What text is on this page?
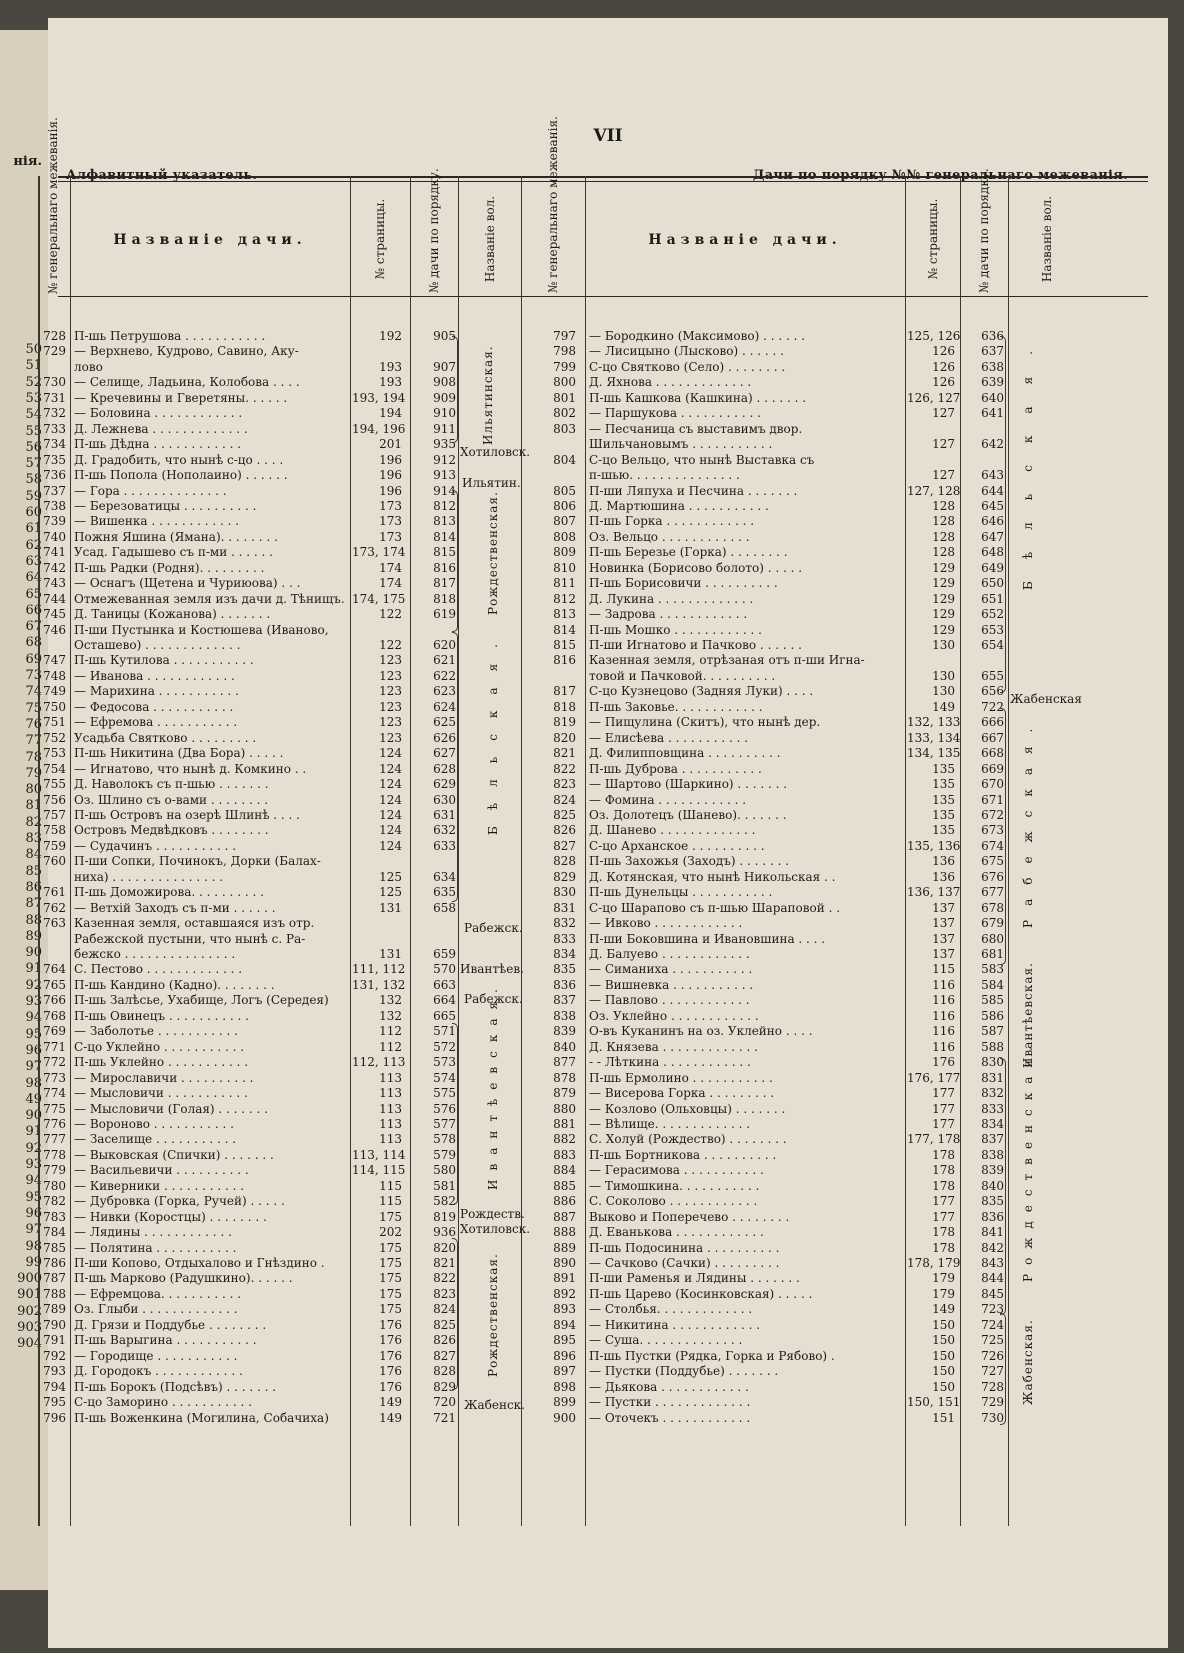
нія.
50
51
52
53
54
55
56
57
58
59
60
61
62
63
64
65
66
67
68
69
73
74
75
76
77
78
79
80
81
82
83
84
85
86
87
88
89
90
91
92
93
94
95
96
97
98
49
90
91
92
93
94
95
96
97
98
99
900
901
902
903
904
VII
Алфавитный указатель.	Дачи по порядку №№ генеральнаго межеванія.
№ генеральнаго межеванія.	Названіе дачи.	№ страницы.	№ дачи по порядку.	Названіе вол.	№ генеральнаго межеванія.	Названіе дачи.	№ страницы.	№ дачи по порядку.	Нaзваніе вол.
728 П-шь Петрушова . . . . . . . . . . .	192	905
729 — Верхнево, Кудрово, Савино, Аку-
лово	193	907
730 — Селище, Ладьина, Колобова . . . .	193	908
731 — Кречевины и Гверетяны. . . . . .	193, 194	909
732 — Боловина . . . . . . . . . . . .	194	910
733 Д. Лежнева . . . . . . . . . . . . .	194, 196	911
734 П-шь Дѣдна . . . . . . . . . . . .	201	935
735 Д. Градобить, что нынѣ с-цо . . . .	196	912
736 П-шь Попола (Нополаино) . . . . . .	196	913
737 — Гора . . . . . . . . . . . . . .	196	914
738 — Березоватицы . . . . . . . . . .	173	812
739 — Вишенка . . . . . . . . . . . .	173	813
740 Пожня Яшина (Ямана). . . . . . . .	173	814
741 Усад. Гадышево съ п-ми . . . . . .	173, 174	815
742 П-шь Радки (Родня). . . . . . . . .	174	816
743 — Оснагъ (Щетена и Чуриюова) . . .	174	817
744 Отмежеванная земля изъ дачи д. Тѣнищъ. 174, 175	818
745 Д. Таницы (Кожанова) . . . . . . .	122	619
746 П-ши Пустынка и Костюшева (Иваново,
Осташево) . . . . . . . . . . . . .	122	620
747 П-шь Кутилова . . . . . . . . . . .	123	621
748 — Иванова . . . . . . . . . . . .	123	622
749 — Марихина . . . . . . . . . . .	123	623
750 — Федосова . . . . . . . . . . .	123	624
751 — Ефремова . . . . . . . . . . .	123	625
752 Усадьба Святково . . . . . . . . .	123	626
753 П-шь Никитина (Два Бора) . . . . .	124	627
754 — Игнатово, что нынѣ д. Комкино . .	124	628
755 Д. Наволокъ съ п-шью . . . . . . .	124	629
756 Оз. Шлино съ о-вами . . . . . . . .	124	630
757 П-шь Островъ на озерѣ Шлинѣ . . . .	124	631
758 Островъ Медвѣдковъ . . . . . . . .	124	632
759 — Судачинъ . . . . . . . . . . .	124	633
760 П-ши Сопки, Починокъ, Дорки (Балах-
ниха) . . . . . . . . . . . . . . .	125	634
761 П-шь Доможирова. . . . . . . . . .	125	635
762 — Ветхій Заходъ съ п-ми . . . . . .	131	658
763 Казенная земля, оставшаяся изъ отр.
Рабежской пустыни, что нынѣ с. Ра-
бежско . . . . . . . . . . . . . . .	131	659
764 С. Пестово . . . . . . . . . . . . .	111, 112	570
765 П-шь Кандино (Кадно). . . . . . . .	131, 132	663
766 П-шь Залѣсье, Ухабище, Логъ (Середея)	132	664
768 П-шь Овинецъ . . . . . . . . . . .	132	665
769 — Заболотье . . . . . . . . . . .	112	571
771 С-цо Уклейно . . . . . . . . . . .	112	572
772 П-шь Уклейно . . . . . . . . . . .	112, 113	573
773 — Мирославичи . . . . . . . . . .	113	574
774 — Мысловичи . . . . . . . . . . .	113	575
775 — Мысловичи (Голая) . . . . . . .	113	576
776 — Вороново . . . . . . . . . . .	113	577
777 — Заселище . . . . . . . . . . .	113	578
778 — Выковская (Спички) . . . . . . .	113, 114	579
779 — Васильевичи . . . . . . . . . .	114, 115	580
780 — Киверники . . . . . . . . . . .	115	581
782 — Дубровка (Горка, Ручей) . . . . .	115	582
783 — Нивки (Коростцы) . . . . . . . .	175	819
784 — Лядины . . . . . . . . . . . .	202	936
785 — Полятина . . . . . . . . . . .	175	820
786 П-ши Копово, Отдыхалово и Гнѣздино .	175	821
787 П-шь Марково (Радушкино). . . . . .	175	822
788 — Ефремцова. . . . . . . . . . .	175	823
789 Оз. Глыби . . . . . . . . . . . . .	175	824
790 Д. Грязи и Поддубье . . . . . . . .	176	825
791 П-шь Варыгина . . . . . . . . . . .	176	826
792 — Городище . . . . . . . . . . .	176	827
793 Д. Городокъ . . . . . . . . . . . .	176	828
794 П-шь Борокъ (Подсѣвъ) . . . . . . .	176	829
795 С-цо Заморино . . . . . . . . . . .	149	720
796 П-шь Воженкина (Могилина, Собачиха)	149	721
797 — Бородкино (Максимово) . . . . . .	125, 126	636
798 — Лисицыно (Лысково) . . . . . .	126	637
799 С-цо Святково (Село) . . . . . . . .	126	638
800 Д. Яхнова . . . . . . . . . . . . .	126	639
801 П-шь Кашкова (Кашкина) . . . . . . .	126, 127	640
802 — Паршукова . . . . . . . . . . .	127	641
803 — Песчаница съ выставимъ двор.
Шильчановымъ . . . . . . . . . . .	127	642
804 С-цо Вельцо, что нынѣ Выставка съ
п-шью. . . . . . . . . . . . . . .	127	643
805 П-ши Ляпуха и Песчина . . . . . . .	127, 128	644
806 Д. Мартюшина . . . . . . . . . . .	128	645
807 П-шь Горка . . . . . . . . . . . .	128	646
808 Оз. Вельцо . . . . . . . . . . . .	128	647
809 П-шь Березье (Горка) . . . . . . . .	128	648
810 Новинка (Борисово болото) . . . . .	129	649
811 П-шь Борисовичи . . . . . . . . . .	129	650
812 Д. Лукина . . . . . . . . . . . . .	129	651
813 — Задрова . . . . . . . . . . . .	129	652
814 П-шь Мошко . . . . . . . . . . . .	129	653
815 П-ши Игнатово и Пачково . . . . . .	130	654
816 Казенная земля, отрѣзаная отъ п-ши Игна-
товой и Пачковой. . . . . . . . . .	130	655
817 С-цо Кузнецово (Задняя Луки) . . . .	130	656
818 П-шь Заковье. . . . . . . . . . . .	149	722
819 — Пищулина (Скитъ), что нынѣ дер.	132, 133	666
820 — Елисѣева . . . . . . . . . . .	133, 134	667
821 Д. Филипповщина . . . . . . . . . .	134, 135	668
822 П-шь Дуброва . . . . . . . . . . .	135	669
823 — Шартово (Шаркино) . . . . . . .	135	670
824 — Фомина . . . . . . . . . . . .	135	671
825 Оз. Долотецъ (Шанево). . . . . . .	135	672
826 Д. Шанево . . . . . . . . . . . . .	135	673
827 С-цо Арханское . . . . . . . . . .	135, 136	674
828 П-шь Захожья (Заходъ) . . . . . . .	136	675
829 Д. Котянская, что нынѣ Никольская . .	136	676
830 П-шь Дунельцы . . . . . . . . . . .	136, 137	677
831 С-цо Шарапово съ п-шью Шараповой . .	137	678
832 — Ивково . . . . . . . . . . . .	137	679
833 П-ши Боковшина и Ивановшина . . . .	137	680
834 Д. Балуево . . . . . . . . . . . .	137	681
835 — Симаниха . . . . . . . . . . .	115	583
836 — Вишневка . . . . . . . . . . .	116	584
837 — Павлово . . . . . . . . . . . .	116	585
838 Оз. Уклейно . . . . . . . . . . . .	116	586
839 О-въ Куканинъ на оз. Уклейно . . . .	116	587
840 Д. Князева . . . . . . . . . . . . .	116	588
877 - - Лѣткина . . . . . . . . . . . .	176	830
878 П-шь Ермолино . . . . . . . . . . .	176, 177	831
879 — Висерова Горка . . . . . . . . .	177	832
880 — Козлово (Ольховцы) . . . . . . .	177	833
881 — Вѣлище. . . . . . . . . . . . .	177	834
882 С. Холуй (Рождество) . . . . . . . .	177, 178	837
883 П-шь Бортникова . . . . . . . . . .	178	838
884 — Герасимова . . . . . . . . . . .	178	839
885 — Тимошкина. . . . . . . . . . .	178	840
886 С. Соколово . . . . . . . . . . . .	177	835
887 Выково и Поперечево . . . . . . . .	177	836
888 Д. Еванькова . . . . . . . . . . . .	178	841
889 П-шь Подосинина . . . . . . . . . .	178	842
890 — Сачково (Сачки) . . . . . . . . .	178, 179	843
891 П-ши Раменья и Лядины . . . . . . .	179	844
892 П-шь Царево (Косинковская) . . . . .	179	845
893 — Столбья. . . . . . . . . . . . .	149	723
894 — Никитина . . . . . . . . . . . .	150	724
895 — Суша. . . . . . . . . . . . . .	150	725
896 П-шь Пустки (Рядка, Горка и Рябово) .	150	726
897 — Пустки (Поддубье) . . . . . . .	150	727
898 — Дьякова . . . . . . . . . . . .	150	728
899 — Пустки . . . . . . . . . . . . .	150, 151	729
900 — Оточекъ . . . . . . . . . . . .	151	730
Ильятинская.
Хотиловск.
Ильятин.
Рождественская.
Бѣльская.
Рабежск.
Ивантѣев.
Рабежск.
Ивантѣевская.
Рождеств.
Хотиловск.
Рождественская.
Жабенск.
Бѣльская.
Жабенская
Рабежская.
Ивантѣевская.
Рождественская.
Жабенская.
